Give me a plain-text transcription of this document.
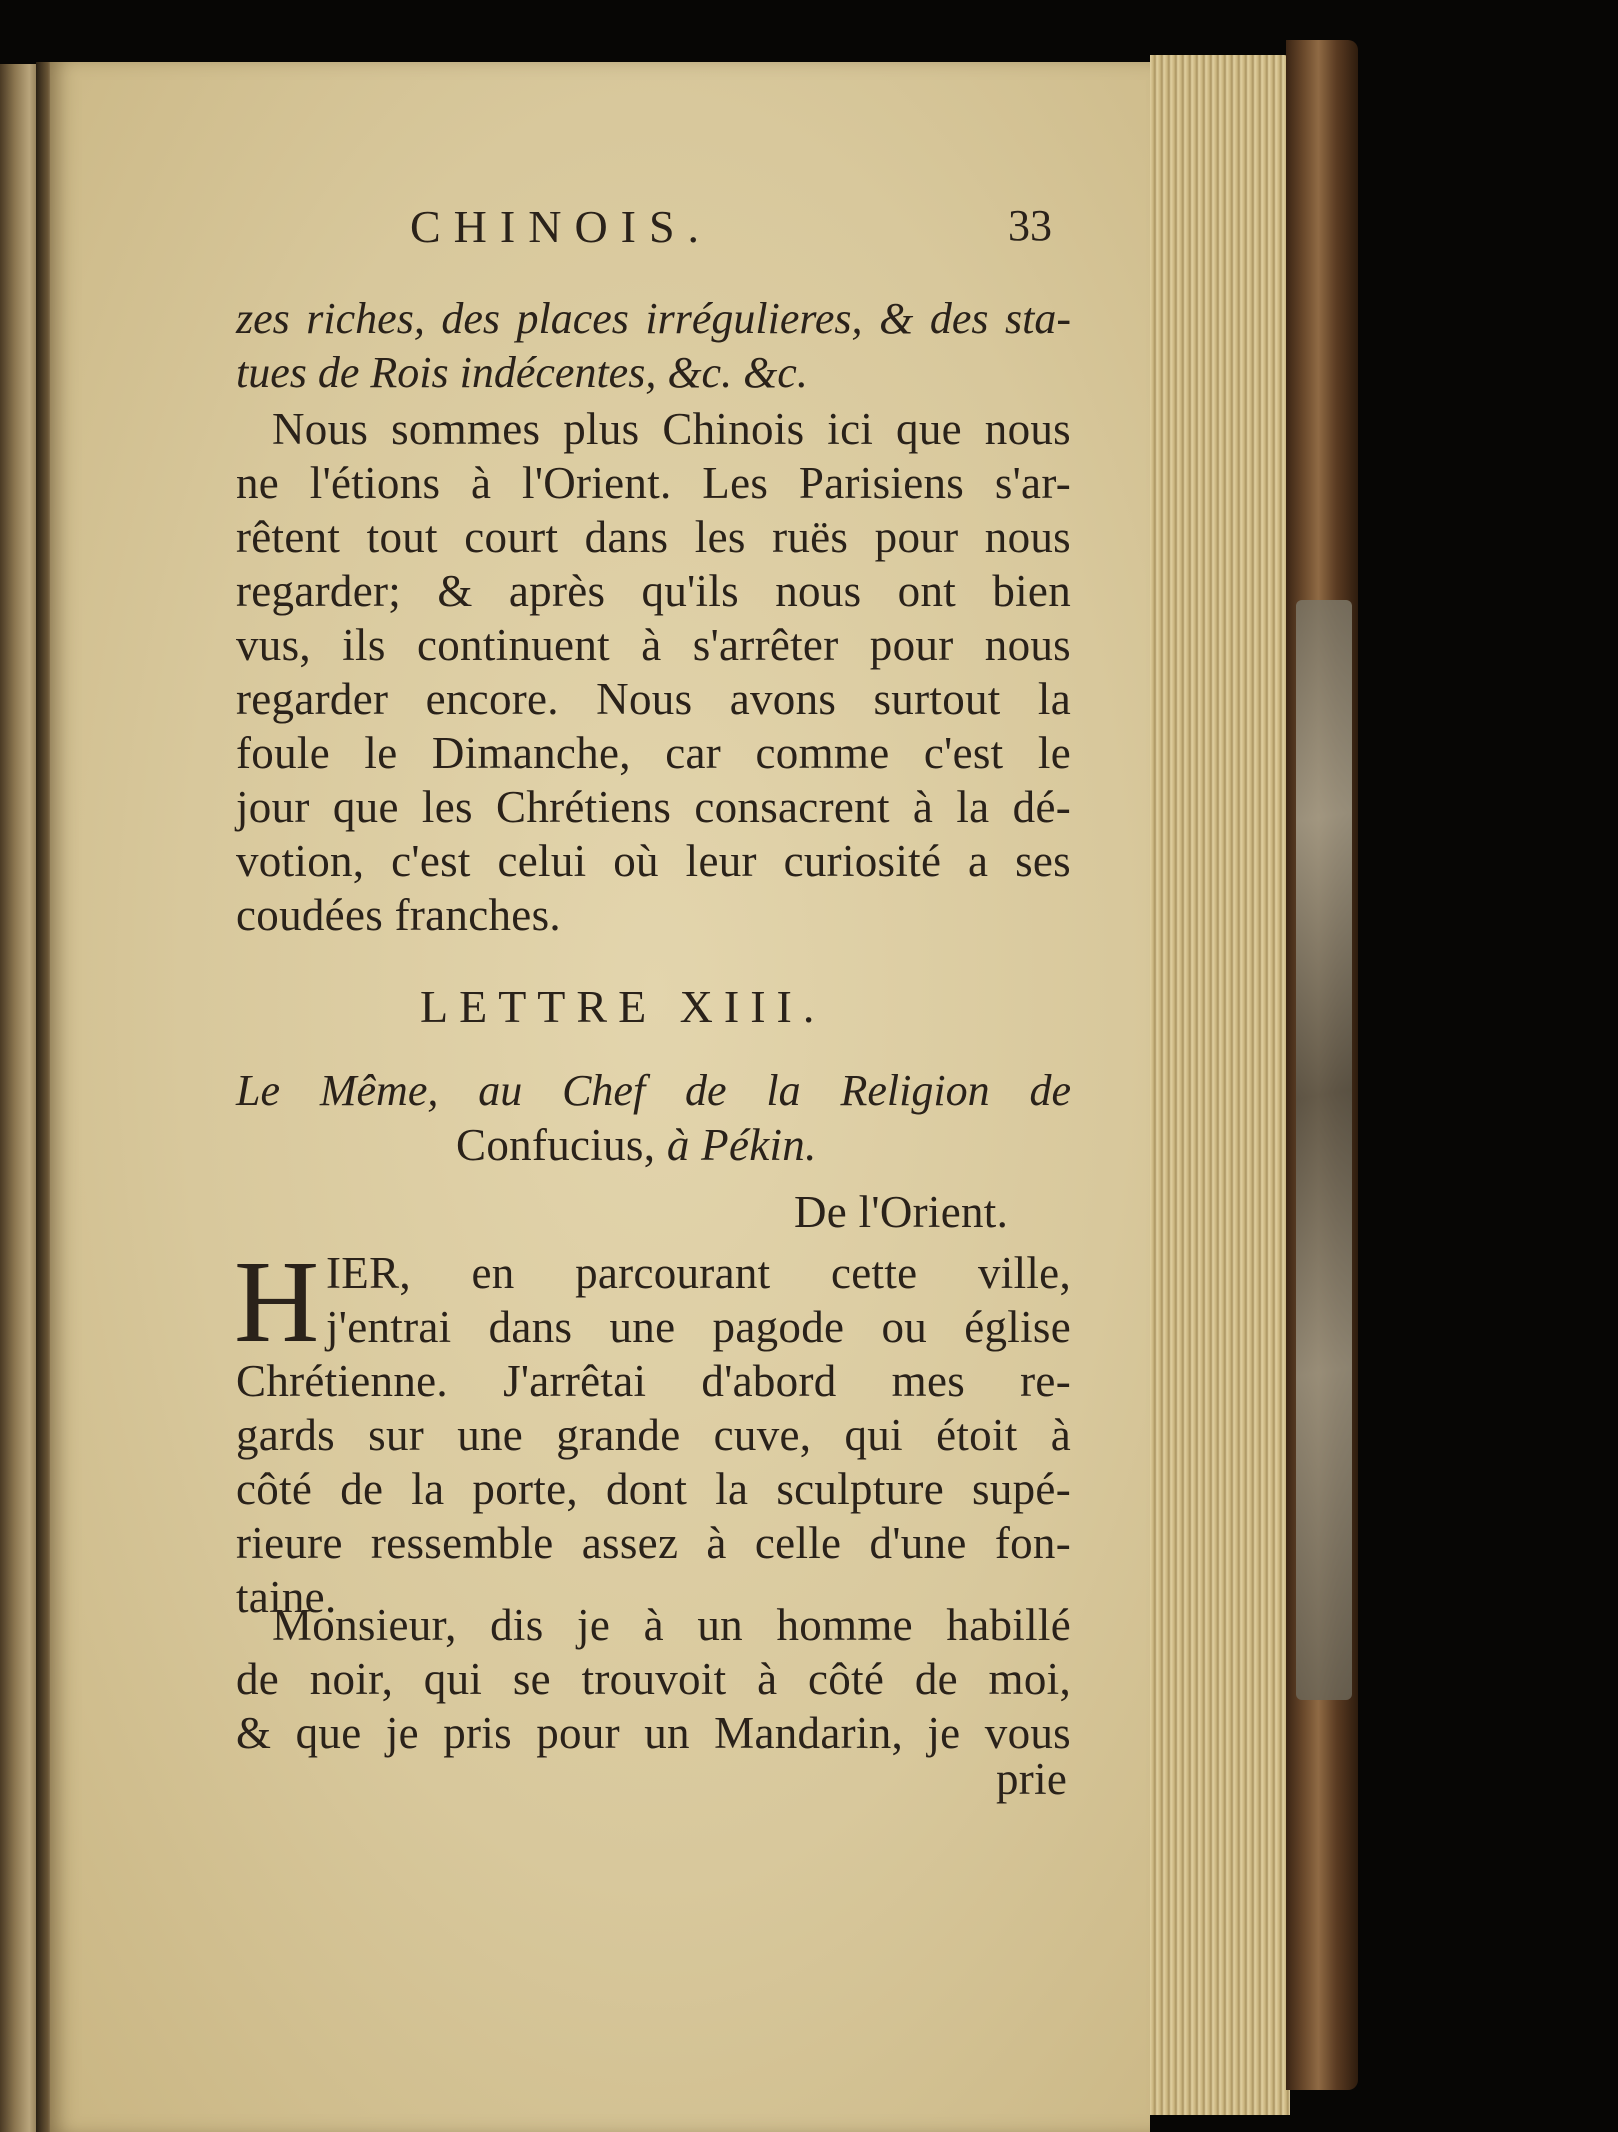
CHINOIS.	33
zes riches, des places irrégulieres, & des sta-
tues de Rois indécentes, &c. &c.
Nous sommes plus Chinois ici que nous
ne l'étions à l'Orient. Les Parisiens s'ar-
rêtent tout court dans les ruës pour nous
regarder; & après qu'ils nous ont bien
vus, ils continuent à s'arrêter pour nous
regarder encore. Nous avons surtout la
foule le Dimanche, car comme c'est le
jour que les Chrétiens consacrent à la dé-
votion, c'est celui où leur curiosité a ses
coudées franches.
LETTRE XIII.
Le Même, au Chef de la Religion de
Confucius, à Pékin.
De l'Orient.
H IER, en parcourant cette ville,
j'entrai dans une pagode ou église
Chrétienne. J'arrêtai d'abord mes re-
gards sur une grande cuve, qui étoit à
côté de la porte, dont la sculpture supé-
rieure ressemble assez à celle d'une fon-
taine.
Monsieur, dis je à un homme habillé
de noir, qui se trouvoit à côté de moi,
& que je pris pour un Mandarin, je vous
prie
